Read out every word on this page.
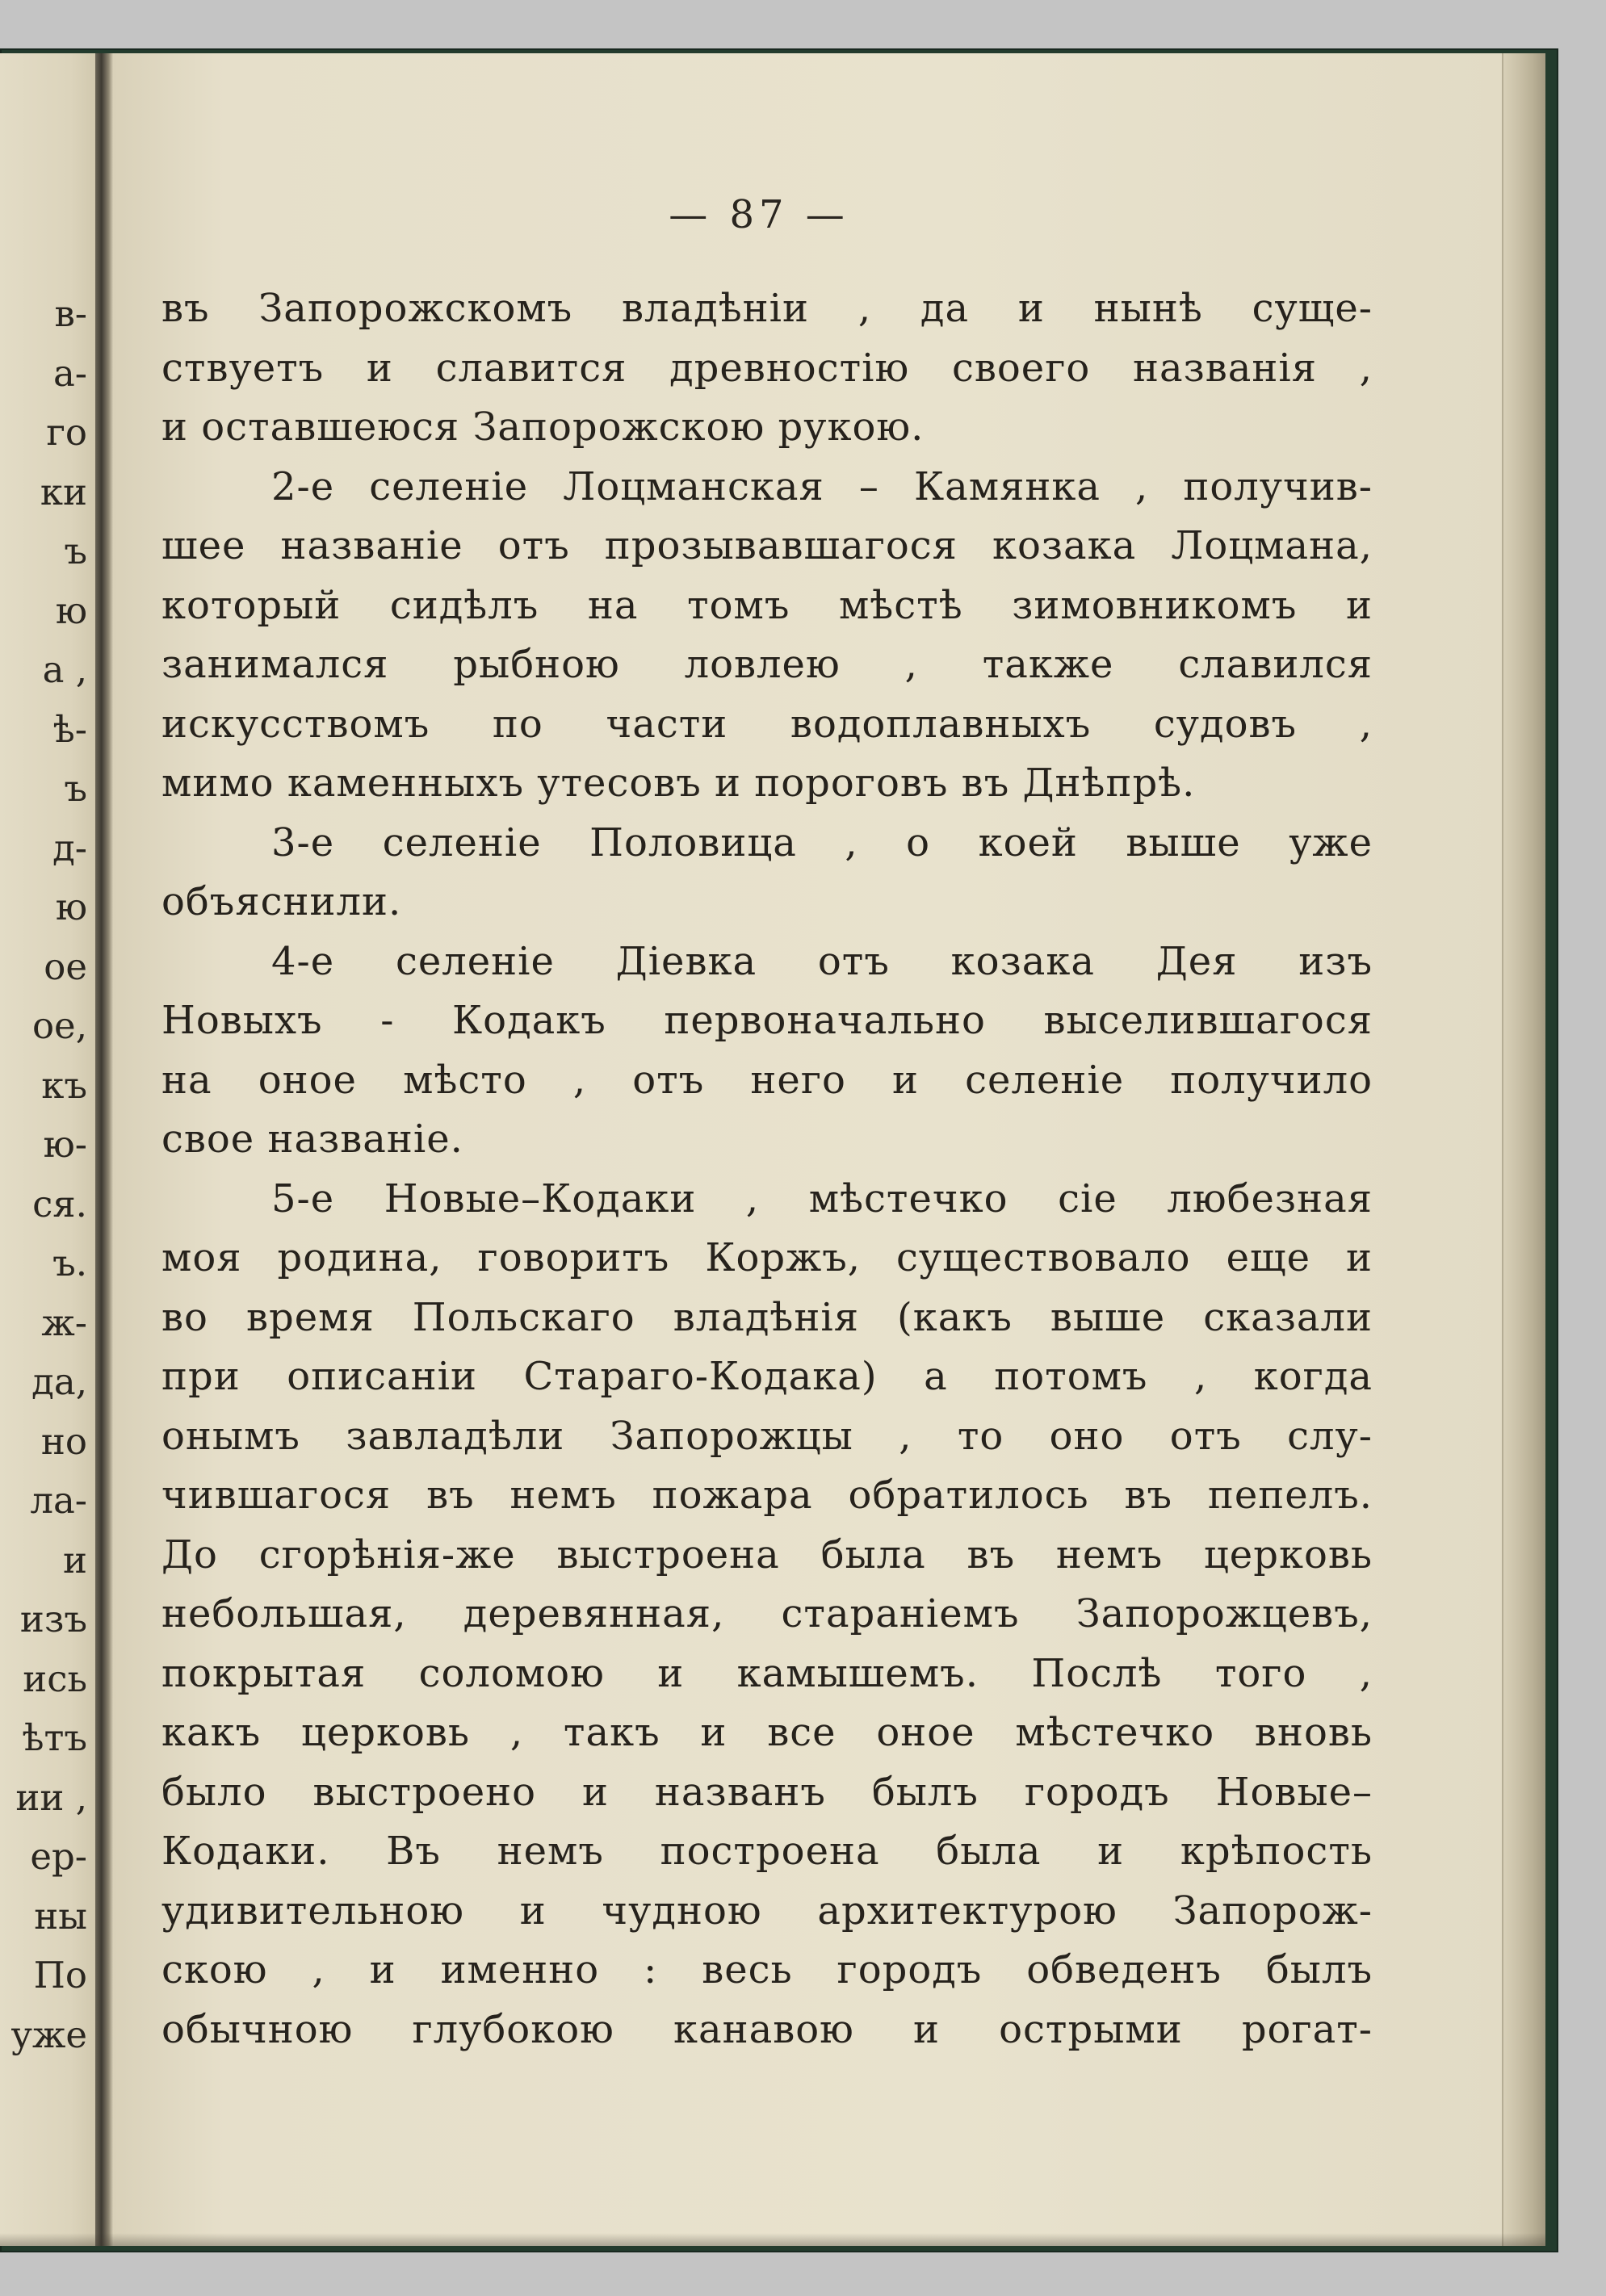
в-
а-
го
ки
ъ
ю
а ,
ѣ-
ъ
д-
ю
ое
ое,
къ
ю-
ся.
ъ.
ж-
да,
но
ла-
и
изъ
ись
ѣтъ
ии ,
ер-
ны
По
уже
— 87 —
въ Запорожскомъ владѣніи , да и нынѣ суще-
ствуетъ и славится древностію своего названія ,
и оставшеюся Запорожскою рукою.
2-е селеніе Лоцманская – Камянка , получив-
шее названіе отъ прозывавшагося козака Лоцмана,
который сидѣлъ на томъ мѣстѣ зимовникомъ и
занимался рыбною ловлею , также славился
искусствомъ по части водоплавныхъ судовъ ,
мимо каменныхъ утесовъ и пороговъ въ Днѣпрѣ.
3-е селеніе Половица , о коей выше уже
объяснили.
4-е селеніе Діевка отъ козака Дея изъ
Новыхъ - Кодакъ первоначально выселившагося
на оное мѣсто , отъ него и селеніе получило
свое названіе.
5-е Новые–Кодаки , мѣстечко сіе любезная
моя родина, говоритъ Коржъ, существовало еще и
во время Польскаго владѣнія (какъ выше сказали
при описаніи Стараго-Кодака) а потомъ , когда
онымъ завладѣли Запорожцы , то оно отъ слу-
чившагося въ немъ пожара обратилось въ пепелъ.
До сгорѣнія-же выстроена была въ немъ церковь
небольшая, деревянная, стараніемъ Запорожцевъ,
покрытая соломою и камышемъ. Послѣ того ,
какъ церковь , такъ и все оное мѣстечко вновь
было выстроено и названъ былъ городъ Новые–
Кодаки. Въ немъ построена была и крѣпость
удивительною и чудною архитектурою Запорож-
скою , и именно : весь городъ обведенъ былъ
обычною глубокою канавою и острыми рогат-
